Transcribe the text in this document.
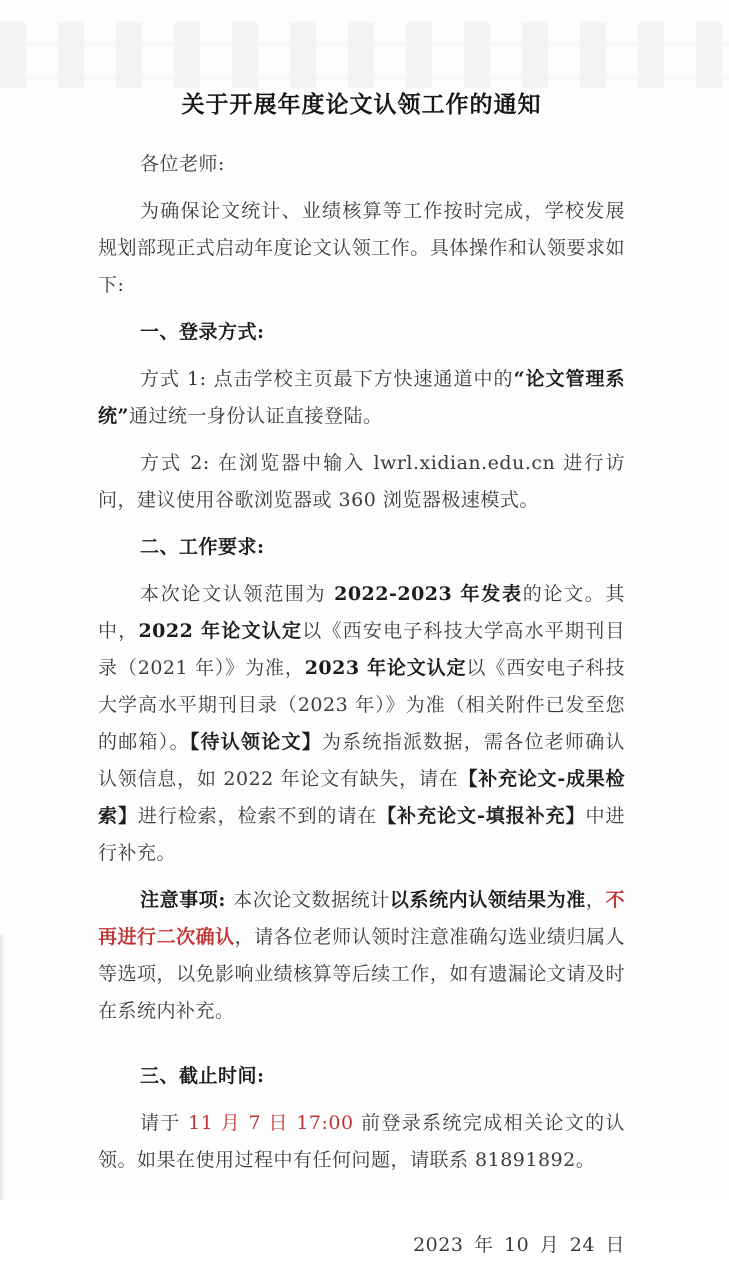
关于开展年度论文认领工作的通知

各位老师:

为确保论文统计、业绩核算等工作按时完成，学校发展规划部现正式启动年度论文认领工作。具体操作和认领要求如下:

一、登录方式:

方式 1: 点击学校主页最下方快速通道中的“论文管理系统”通过统一身份认证直接登陆。

方式 2: 在浏览器中输入 lwrl.xidian.edu.cn 进行访问，建议使用谷歌浏览器或 360 浏览器极速模式。

二、工作要求:

本次论文认领范围为 2022-2023 年发表的论文。其中，2022 年论文认定以《西安电子科技大学高水平期刊目录（2021 年）》为准，2023 年论文认定以《西安电子科技大学高水平期刊目录（2023 年）》为准（相关附件已发至您的邮箱）。【待认领论文】为系统指派数据，需各位老师确认认领信息，如 2022 年论文有缺失，请在【补充论文-成果检索】进行检索，检索不到的请在【补充论文-填报补充】中进行补充。

注意事项: 本次论文数据统计以系统内认领结果为准，不再进行二次确认，请各位老师认领时注意准确勾选业绩归属人等选项，以免影响业绩核算等后续工作，如有遗漏论文请及时在系统内补充。

三、截止时间:

请于 11 月 7 日 17:00 前登录系统完成相关论文的认领。如果在使用过程中有任何问题，请联系 81891892。

2023 年 10 月 24 日
